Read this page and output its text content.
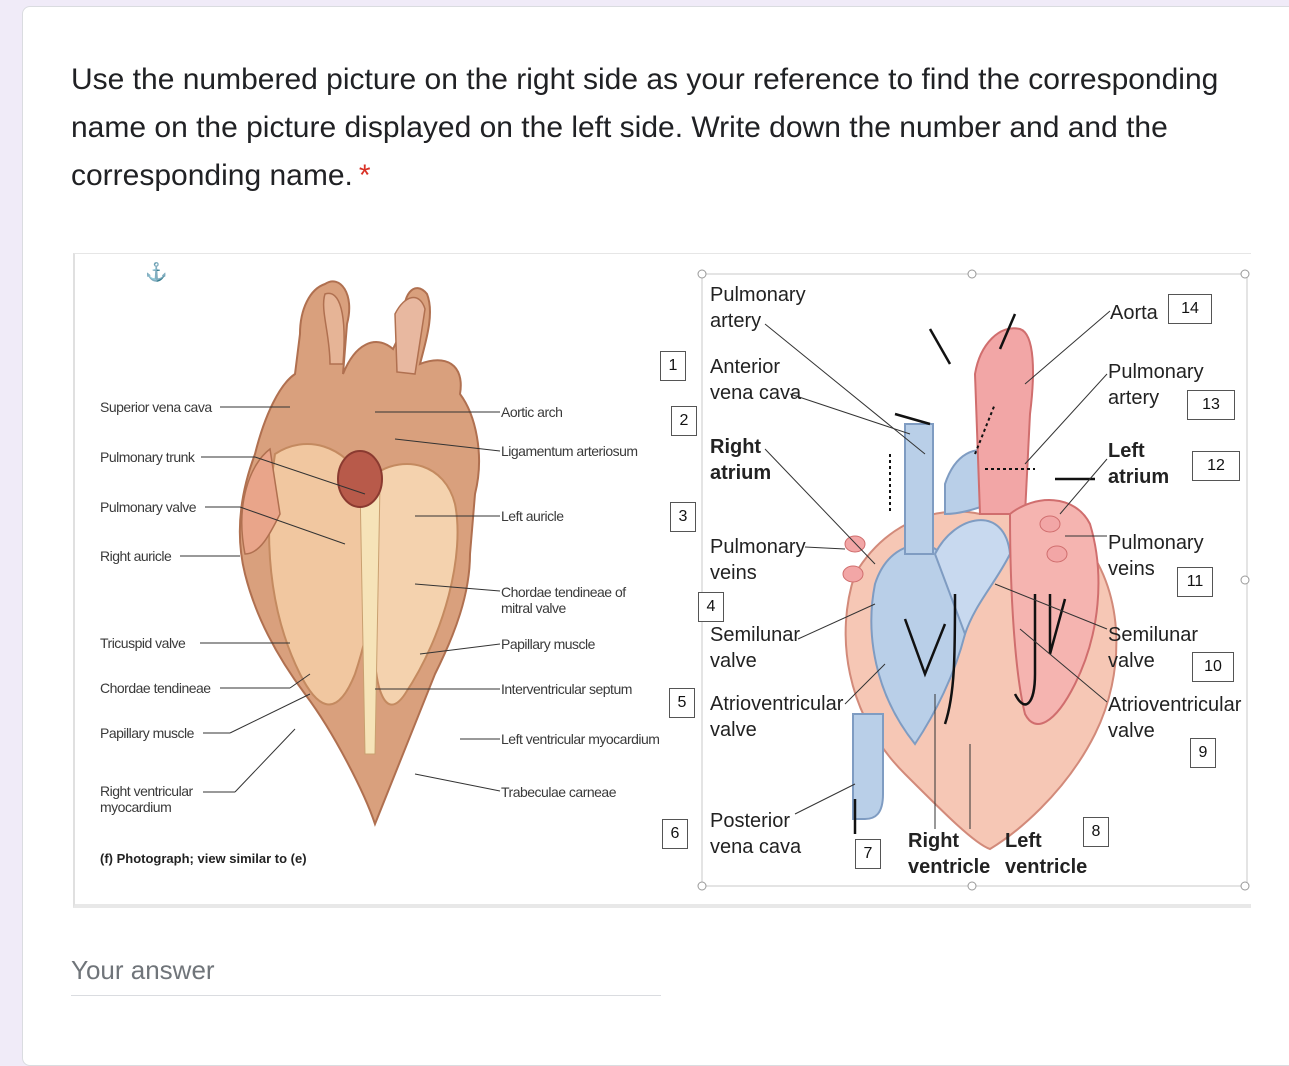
Use the numbered picture on the right side as your reference to find the corresponding name on the picture displayed on the left side. Write down the number and and the corresponding name. *

⚓
Superior vena cava
Pulmonary trunk
Pulmonary valve
Right auricle
Tricuspid valve
Chordae tendineae
Papillary muscle
Right ventricular myocardium
Aortic arch
Ligamentum arteriosum
Left auricle
Chordae tendineae of mitral valve
Papillary muscle
Interventricular septum
Left ventricular myocardium
Trabeculae carneae
(f) Photograph; view similar to (e)
Pulmonary artery
Anterior vena cava
Right atrium
Pulmonary veins
Semilunar valve
Atrioventricular valve
Posterior vena cava
Aorta
Pulmonary artery
Left atrium
Pulmonary veins
Semilunar valve
Atrioventricular valve
Right ventricle
Left ventricle
1
2
3
4
5
6
7
8
9
10
11
12
13
14
Your answer
